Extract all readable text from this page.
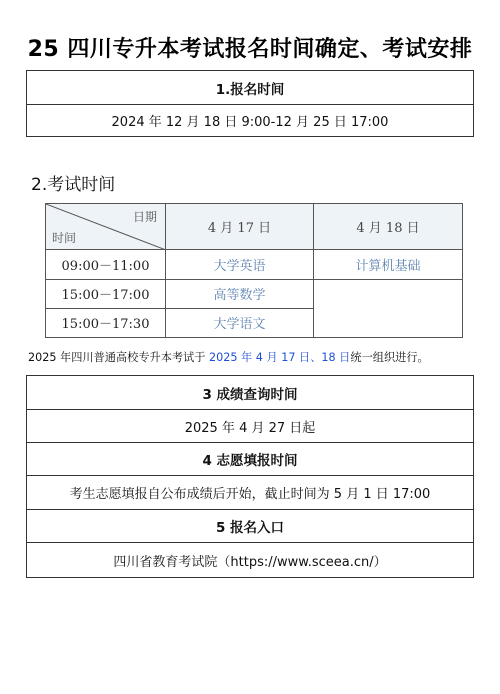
25 四川专升本考试报名时间确定、考试安排
1.报名时间
2024 年 12 月 18 日 9:00-12 月 25 日 17:00
2.考试时间
日期
时间	4 月 17 日	4 月 18 日
09:00－11:00	大学英语	计算机基础
15:00－17:00	高等数学	
15:00－17:30	大学语文	
2025 年四川普通高校专升本考试于 2025 年 4 月 17 日、18 日统一组织进行。
3 成绩查询时间
2025 年 4 月 27 日起
4 志愿填报时间
考生志愿填报自公布成绩后开始，截止时间为 5 月 1 日 17:00
5 报名入口
四川省教育考试院（https://www.sceea.cn/）
